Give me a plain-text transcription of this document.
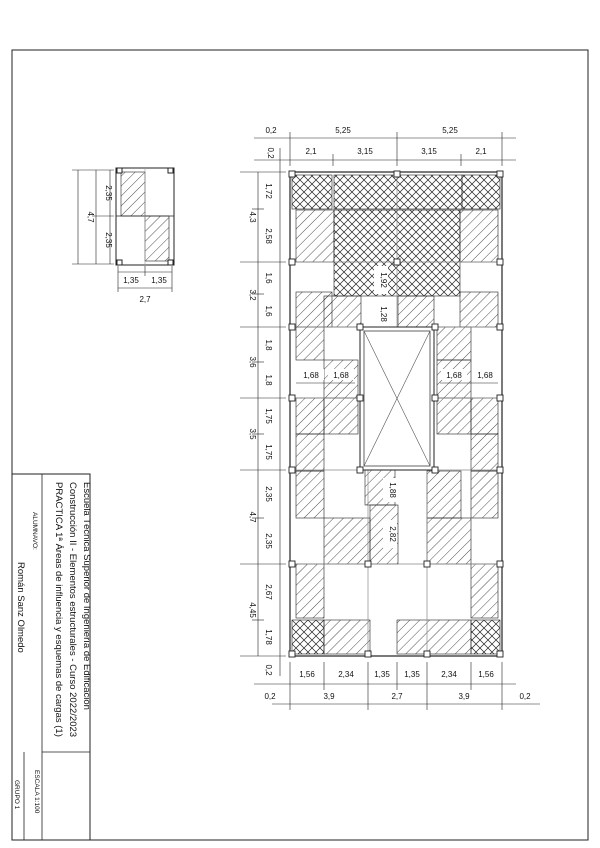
2,35
2,35
4,7
1,35 1,35
2,7
1,92
1,28
1,68 1,68	1,68 1,68
1,88
2,82
0,2	5,25	5,25
0,2	2,1	3,15	3,15	2,1
4,3
3,2
3,6
3,5
4,7
4,45
1,72
2,58
1,6
1,6
1,8
1,8
1,75
1,75
2,35
2,35
2,67
1,78
0,2	1,56	2,34	1,35 1,35	2,34	1,56
0,2	3,9	2,7	3,9	0,2
Escuela Técnica Superior de Ingeniería de Edificación
Construcción II - Elementos estructurales - Curso 2022/2023
PRACTICA 1ª Áreas de influencia y esquemas de cargas (1)
ALUMNAVO:
Román Sanz Olmedo
ESCALA 1:100
GRUPO 1
